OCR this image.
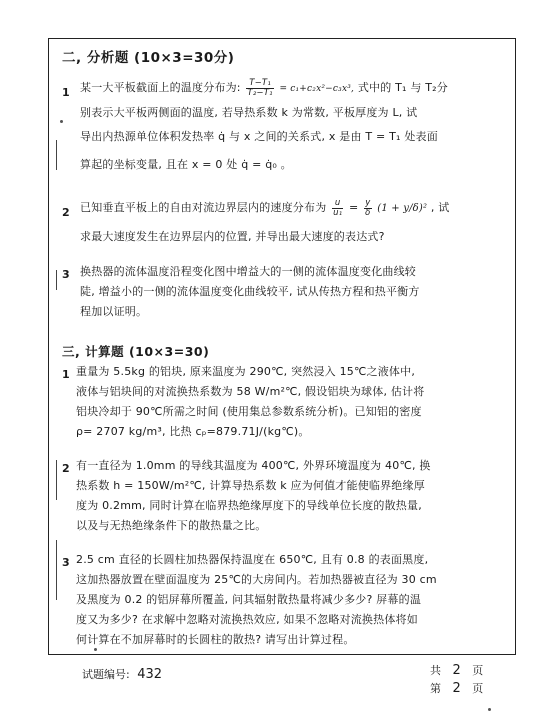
二, 分析题 (10×3=30分)
1 某一大平板截面上的温度分布为: $\frac{\text{T−T₁}}{\text{T₂−T₁}} = c_1+c_2x^2-c_3x^3$, 式中的 T₁ 与 T₂分
别表示大平板两侧面的温度, 若导热系数 k 为常数, 平板厚度为 L, 试
导出内热源单位体积发热率 q̇ 与 x 之间的关系式, x 是由 T = T₁ 处表面
算起的坐标变量, 且在 x = 0 处 q̇ = q̇₀ 。
2 已知垂直平板上的自由对流边界层内的速度分布为 $\frac{u}{\text{u₁}} = \frac{y}{\delta} (1 + y/\delta)^2$ , 试
求最大速度发生在边界层内的位置, 并导出最大速度的表达式?
3 换热器的流体温度沿程变化图中增益大的一侧的流体温度变化曲线较
陡, 增益小的一侧的流体温度变化曲线较平, 试从传热方程和热平衡方
程加以证明。
三, 计算题 (10×3=30)
1 重量为 5.5kg 的铝块, 原来温度为 290℃, 突然浸入 15℃之液体中,
液体与铝块间的对流换热系数为 58 W/m²℃, 假设铝块为球体, 估计将
铝块冷却于 90℃所需之时间 (使用集总参数系统分析)。已知铝的密度
ρ= 2707 kg/m³, 比热 cₚ=879.71J/(kg℃)。
2 有一直径为 1.0mm 的导线其温度为 400℃, 外界环境温度为 40℃, 换
热系数 h = 150W/m²℃, 计算导热系数 k 应为何值才能使临界绝缘厚
度为 0.2mm, 同时计算在临界热绝缘厚度下的导线单位长度的散热量,
以及与无热绝缘条件下的散热量之比。
3 2.5 cm 直径的长圆柱加热器保持温度在 650℃, 且有 0.8 的表面黑度,
这加热器放置在壁面温度为 25℃的大房间内。若加热器被直径为 30 cm
及黑度为 0.2 的铝屏幕所覆盖, 问其辐射散热量将减少多少? 屏幕的温
度又为多少? 在求解中忽略对流换热效应, 如果不忽略对流换热体将如
何计算在不加屏幕时的长圆柱的散热? 请写出计算过程。
试题编号: 432	共 2 页
第 2 页
